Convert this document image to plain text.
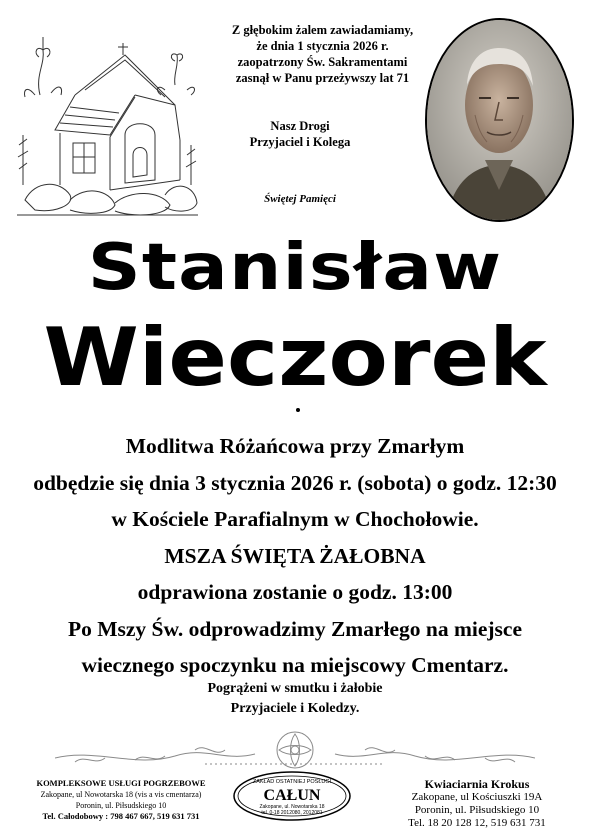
Z głębokim żalem zawiadamiamy,
że dnia 1 stycznia 2026 r.
zaopatrzony Św. Sakramentami
zasnął w Panu przeżywszy lat 71
Nasz Drogi
Przyjaciel i Kolega
Świętej Pamięci
Stanisław
Wieczorek
Modlitwa Różańcowa przy Zmarłym
odbędzie się dnia 3 stycznia 2026 r. (sobota) o godz. 12:30
w Kościele Parafialnym w Chochołowie.
MSZA ŚWIĘTA ŻAŁOBNA
odprawiona zostanie o godz. 13:00
Po Mszy Św. odprowadzimy Zmarłego na miejsce
wiecznego spoczynku na miejscowy Cmentarz.
Pogrążeni w smutku i żałobie
Przyjaciele i Koledzy.
KOMPLEKSOWE USŁUGI POGRZEBOWE
Zakopane, ul Nowotarska 18 (vis a vis cmentarza)
Poronin, ul. Piłsudskiego 10
Tel. Całodobowy : 798 467 667, 519 631 731
ZAKŁAD OSTATNIEJ POSŁUGI
CAŁUN
Zakopane, ul. Nowotarska 18
tel. 0-18 2012080, 2012081
Kwiaciarnia Krokus
Zakopane, ul Kościuszki 19A
Poronin, ul. Piłsudskiego 10
Tel. 18 20 128 12, 519 631 731
